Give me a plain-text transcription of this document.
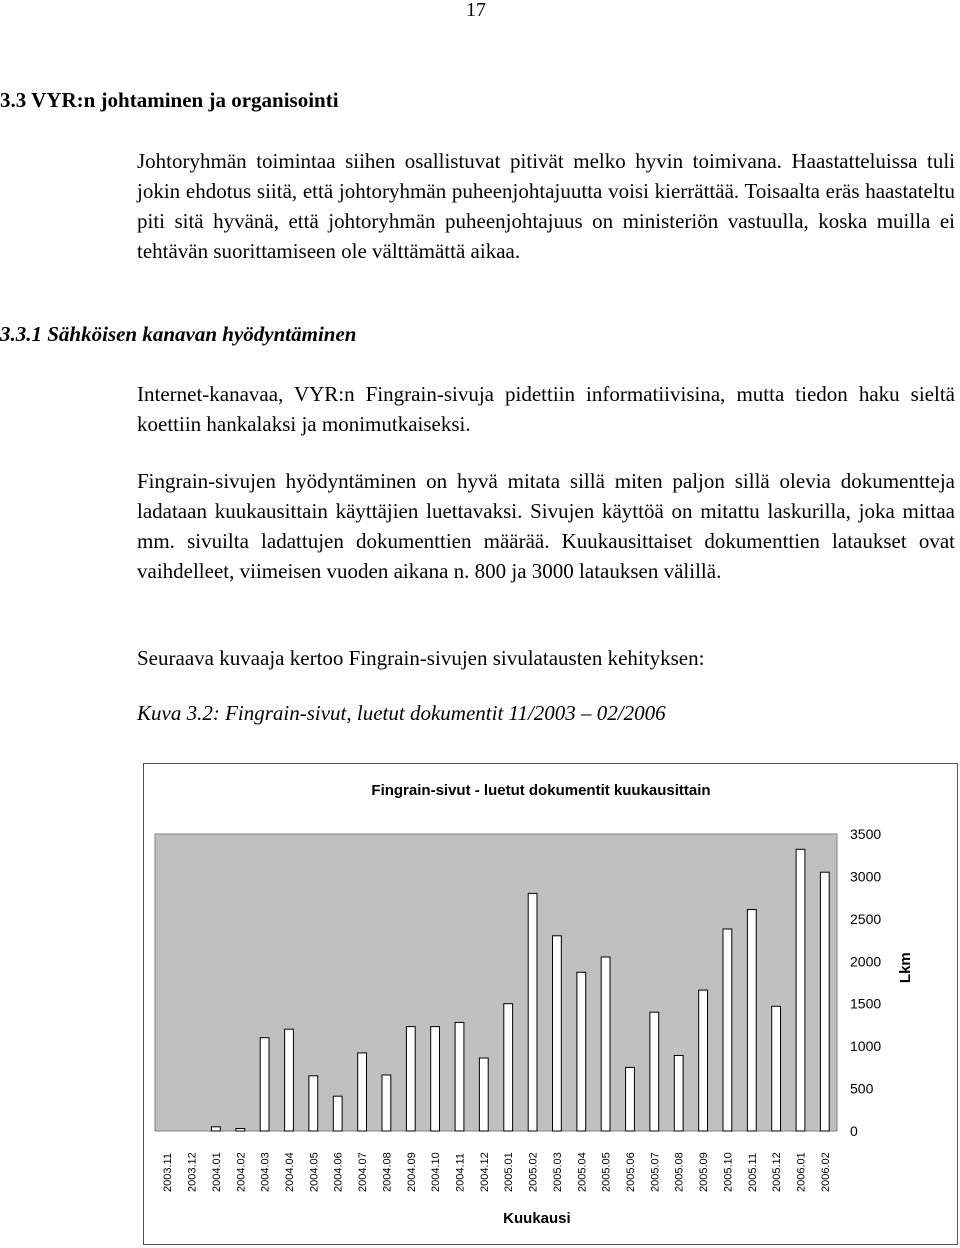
17
3.3 VYR:n johtaminen ja organisointi

Johtoryhmän toimintaa siihen osallistuvat pitivät melko hyvin toimivana. Haastatteluissa tuli jokin ehdotus siitä, että johtoryhmän puheenjohtajuutta voisi kierrättää. Toisaalta eräs haastateltu piti sitä hyvänä, että johtoryhmän puheenjohtajuus on ministeriön vastuulla, koska muilla ei tehtävän suorittamiseen ole välttämättä aikaa.

3.3.1 Sähköisen kanavan hyödyntäminen

Internet-kanavaa, VYR:n Fingrain-sivuja pidettiin informatiivisina, mutta tiedon haku sieltä koettiin hankalaksi ja monimutkaiseksi.

Fingrain-sivujen hyödyntäminen on hyvä mitata sillä miten paljon sillä olevia dokumentteja ladataan kuukausittain käyttäjien luettavaksi. Sivujen käyttöä on mitattu laskurilla, joka mittaa mm. sivuilta ladattujen dokumenttien määrää. Kuukausittaiset dokumenttien lataukset ovat vaihdelleet, viimeisen vuoden aikana n. 800 ja 3000 latauksen välillä.

Seuraava kuvaaja kertoo Fingrain-sivujen sivulatausten kehityksen:

Kuva 3.2: Fingrain-sivut, luetut dokumentit 11/2003 – 02/2006

Fingrain-sivut - luetut dokumentit kuukausittain
0
500
1000
1500
2000
2500
3000
3500
2003.11 2003.12 2004.01 2004.02 2004.03 2004.04 2004.05 2004.06 2004.07 2004.08 2004.09 2004.10 2004.11 2004.12 2005.01 2005.02 2005.03 2005.04 2005.05 2005.06 2005.07 2005.08 2005.09 2005.10 2005.11 2005.12 2006.01 2006.02
Kuukausi
Lkm
